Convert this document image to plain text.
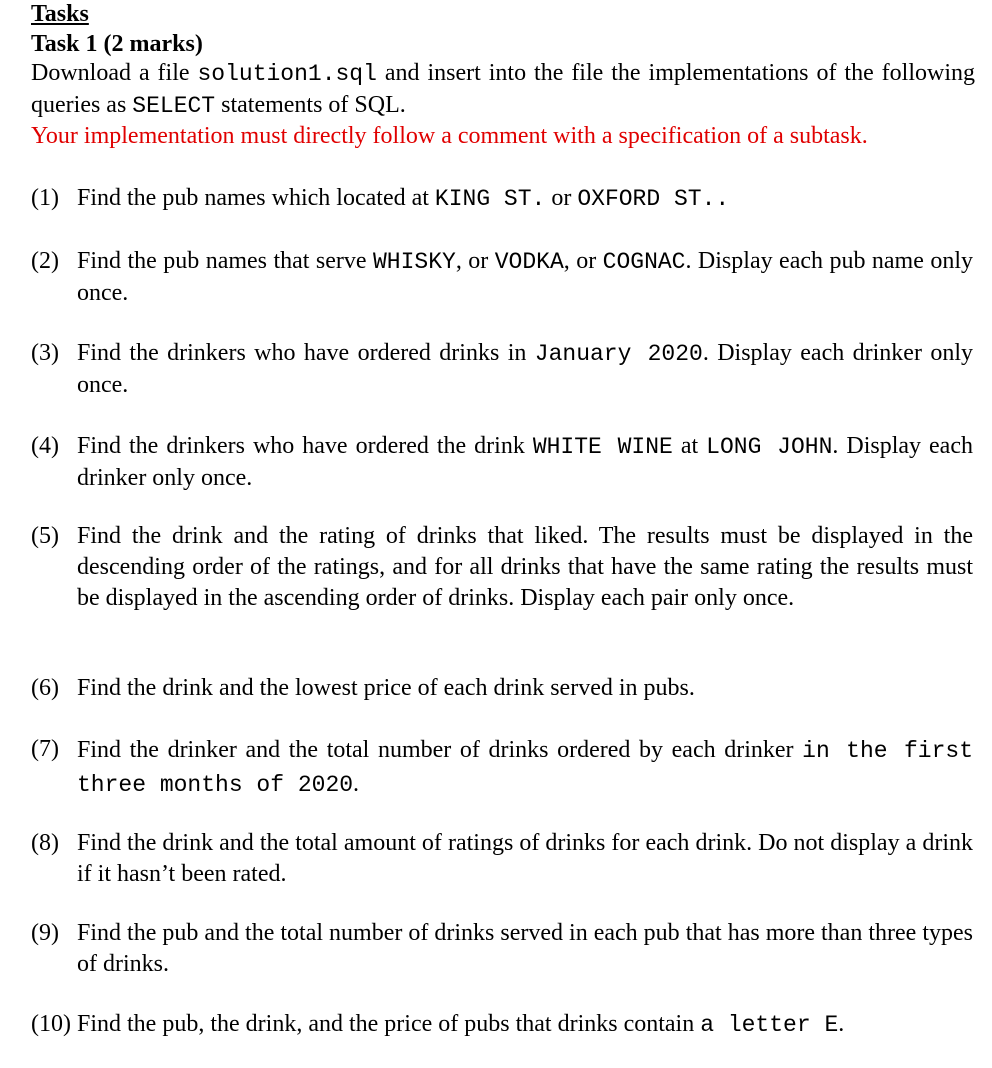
Tasks
Task 1 (2 marks)
Download a file solution1.sql and insert into the file the implementations of the following queries as SELECT statements of SQL.
Your implementation must directly follow a comment with a specification of a subtask.
(1) Find the pub names which located at KING ST. or OXFORD ST..
(2) Find the pub names that serve WHISKY, or VODKA, or COGNAC. Display each pub name only once.
(3) Find the drinkers who have ordered drinks in January 2020. Display each drinker only once.
(4) Find the drinkers who have ordered the drink WHITE WINE at LONG JOHN. Display each drinker only once.
(5) Find the drink and the rating of drinks that liked. The results must be displayed in the descending order of the ratings, and for all drinks that have the same rating the results must be displayed in the ascending order of drinks. Display each pair only once.
(6) Find the drink and the lowest price of each drink served in pubs.
(7) Find the drinker and the total number of drinks ordered by each drinker in the first three months of 2020.
(8) Find the drink and the total amount of ratings of drinks for each drink. Do not display a drink if it hasn’t been rated.
(9) Find the pub and the total number of drinks served in each pub that has more than three types of drinks.
(10) Find the pub, the drink, and the price of pubs that drinks contain a letter E.
